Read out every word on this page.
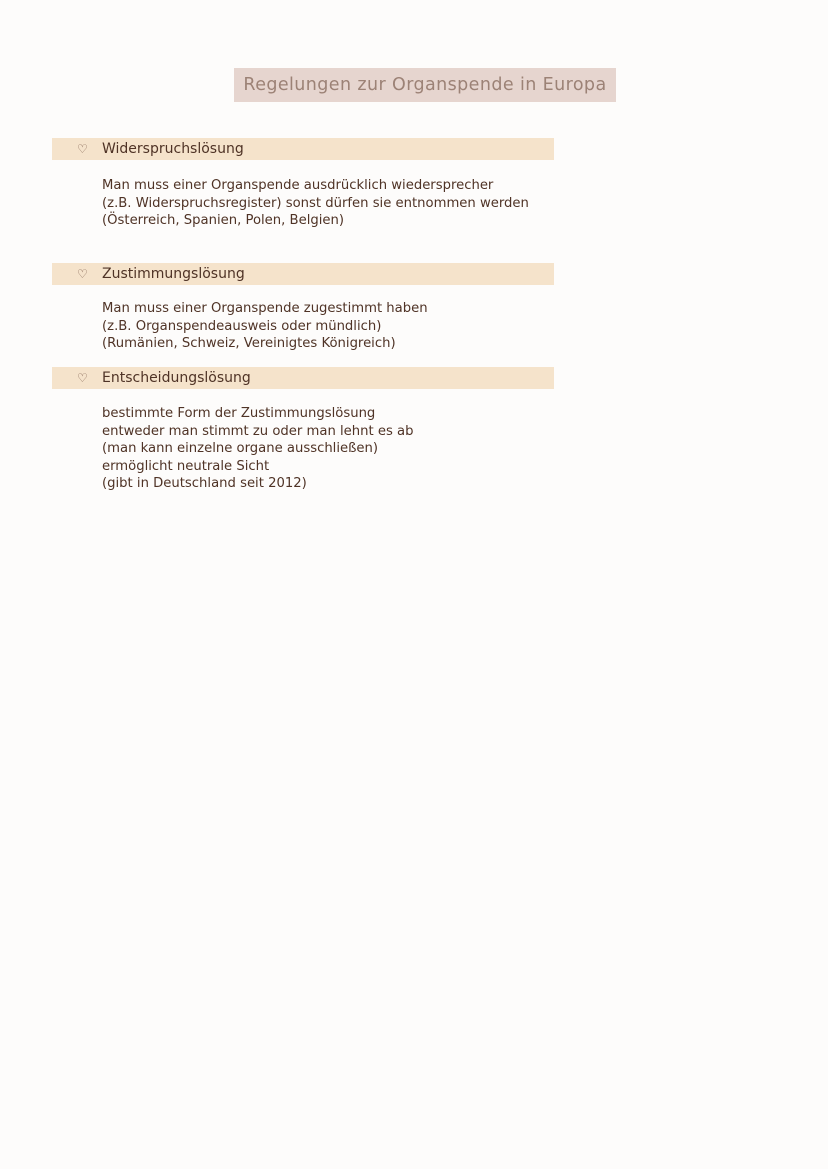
Regelungen zur Organspende in Europa
♡ Widerspruchslösung
Man muss einer Organspende ausdrücklich wiedersprecher
(z.B. Widerspruchsregister) sonst dürfen sie entnommen werden
(Österreich, Spanien, Polen, Belgien)
♡ Zustimmungslösung
Man muss einer Organspende zugestimmt haben
(z.B. Organspendeausweis oder mündlich)
(Rumänien, Schweiz, Vereinigtes Königreich)
♡ Entscheidungslösung
bestimmte Form der Zustimmungslösung
entweder man stimmt zu oder man lehnt es ab
(man kann einzelne organe ausschließen)
ermöglicht neutrale Sicht
(gibt in Deutschland seit 2012)
